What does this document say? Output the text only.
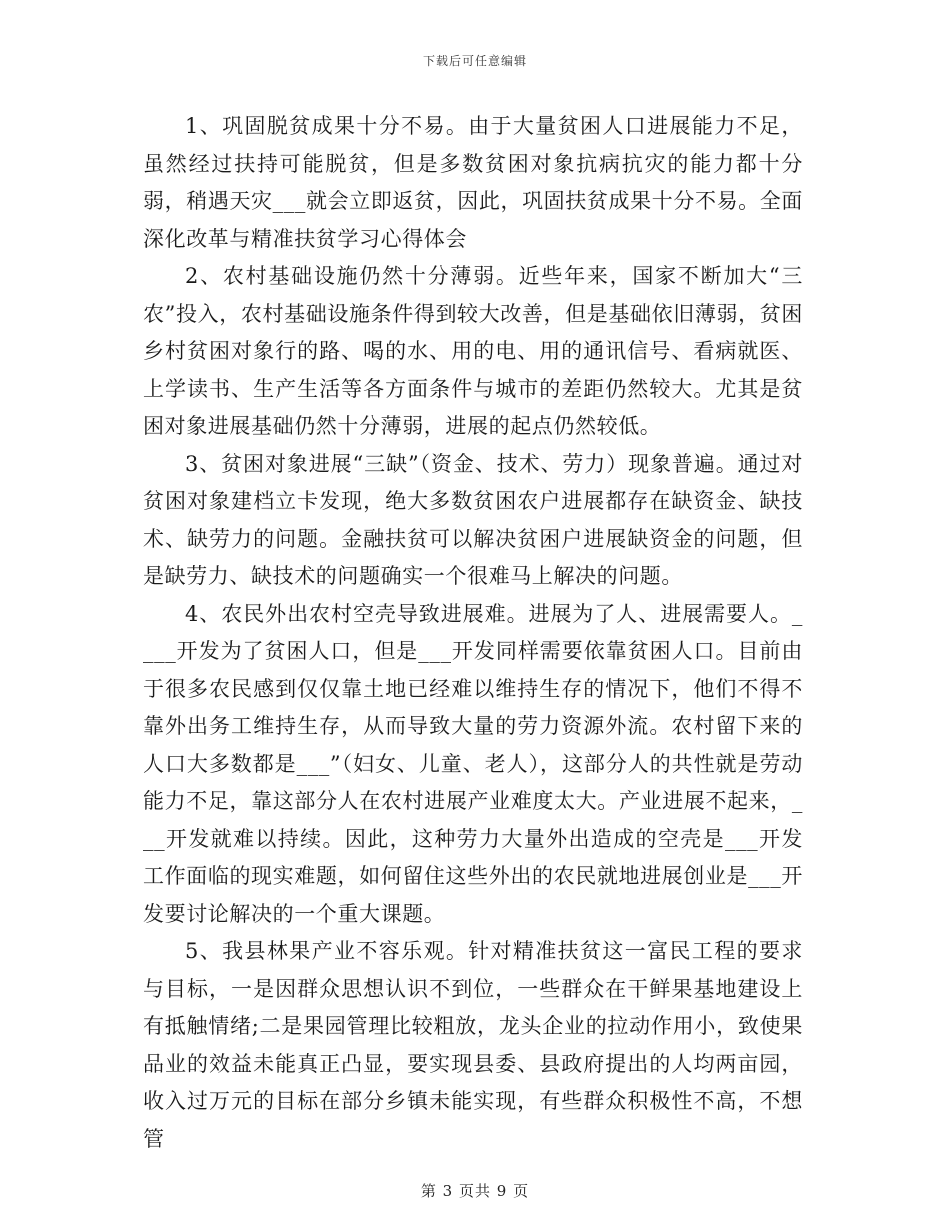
下载后可任意编辑

1、巩固脱贫成果十分不易。由于大量贫困人口进展能力不足，虽然经过扶持可能脱贫，但是多数贫困对象抗病抗灾的能力都十分弱，稍遇天灾___就会立即返贫，因此，巩固扶贫成果十分不易。全面深化改革与精准扶贫学习心得体会

2、农村基础设施仍然十分薄弱。近些年来，国家不断加大“三农”投入，农村基础设施条件得到较大改善，但是基础依旧薄弱，贫困乡村贫困对象行的路、喝的水、用的电、用的通讯信号、看病就医、上学读书、生产生活等各方面条件与城市的差距仍然较大。尤其是贫困对象进展基础仍然十分薄弱，进展的起点仍然较低。

3、贫困对象进展“三缺”（资金、技术、劳力）现象普遍。通过对贫困对象建档立卡发现，绝大多数贫困农户进展都存在缺资金、缺技术、缺劳力的问题。金融扶贫可以解决贫困户进展缺资金的问题，但是缺劳力、缺技术的问题确实一个很难马上解决的问题。

4、农民外出农村空壳导致进展难。进展为了人、进展需要人。____开发为了贫困人口，但是___开发同样需要依靠贫困人口。目前由于很多农民感到仅仅靠土地已经难以维持生存的情况下，他们不得不靠外出务工维持生存，从而导致大量的劳力资源外流。农村留下来的人口大多数都是___”（妇女、儿童、老人），这部分人的共性就是劳动能力不足，靠这部分人在农村进展产业难度太大。产业进展不起来，___开发就难以持续。因此，这种劳力大量外出造成的空壳是___开发工作面临的现实难题，如何留住这些外出的农民就地进展创业是___开发要讨论解决的一个重大课题。

5、我县林果产业不容乐观。针对精准扶贫这一富民工程的要求与目标，一是因群众思想认识不到位，一些群众在干鲜果基地建设上有抵触情绪;二是果园管理比较粗放，龙头企业的拉动作用小，致使果品业的效益未能真正凸显，要实现县委、县政府提出的人均两亩园，收入过万元的目标在部分乡镇未能实现，有些群众积极性不高，不想管

第 3 页共 9 页
